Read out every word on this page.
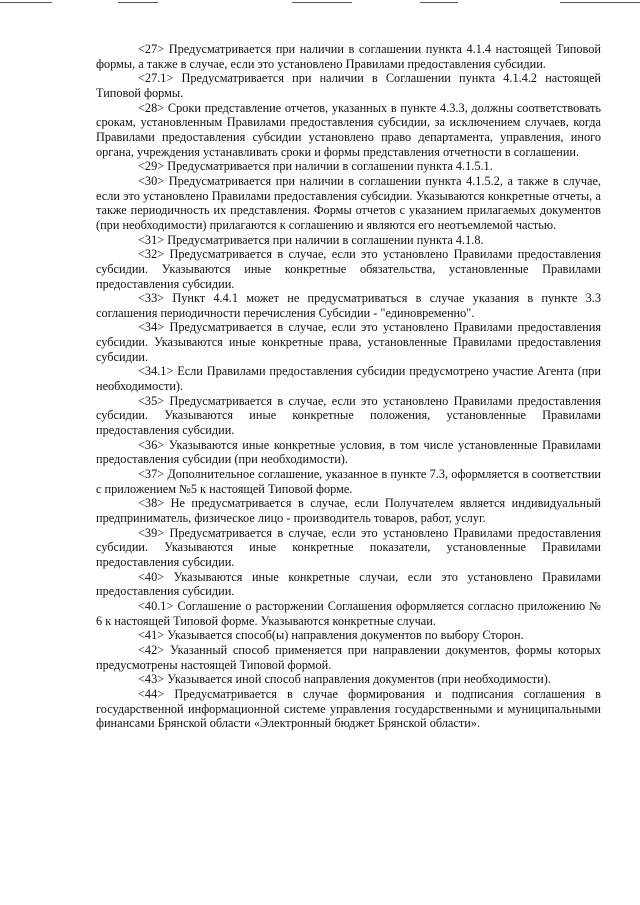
<27> Предусматривается при наличии в соглашении пункта 4.1.4 настоящей Типовой формы, а также в случае, если это установлено Правилами предоставления субсидии.

<27.1> Предусматривается при наличии в Соглашении пункта 4.1.4.2 настоящей Типовой формы.

<28> Сроки представление отчетов, указанных в пункте 4.3.3, должны соответствовать срокам, установленным Правилами предоставления субсидии, за исключением случаев, когда Правилами предоставления субсидии установлено право департамента, управления, иного органа, учреждения устанавливать сроки и формы представления отчетности в соглашении.

<29> Предусматривается при наличии в соглашении пункта 4.1.5.1.

<30> Предусматривается при наличии в соглашении пункта 4.1.5.2, а также в случае, если это установлено Правилами предоставления субсидии. Указываются конкретные отчеты, а также периодичность их представления. Формы отчетов с указанием прилагаемых документов (при необходимости) прилагаются к соглашению и являются его неотъемлемой частью.

<31> Предусматривается при наличии в соглашении пункта 4.1.8.

<32> Предусматривается в случае, если это установлено Правилами предоставления субсидии. Указываются иные конкретные обязательства, установленные Правилами предоставления субсидии.

<33> Пункт 4.4.1 может не предусматриваться в случае указания в пункте 3.3 соглашения периодичности перечисления Субсидии - "единовременно".

<34> Предусматривается в случае, если это установлено Правилами предоставления субсидии. Указываются иные конкретные права, установленные Правилами предоставления субсидии.

<34.1> Если Правилами предоставления субсидии предусмотрено участие Агента (при необходимости).

<35> Предусматривается в случае, если это установлено Правилами предоставления субсидии. Указываются иные конкретные положения, установленные Правилами предоставления субсидии.

<36> Указываются иные конкретные условия, в том числе установленные Правилами предоставления субсидии (при необходимости).

<37> Дополнительное соглашение, указанное в пункте 7.3, оформляется в соответствии с приложением №5 к настоящей Типовой форме.

<38> Не предусматривается в случае, если Получателем является индивидуальный предприниматель, физическое лицо - производитель товаров, работ, услуг.

<39> Предусматривается в случае, если это установлено Правилами предоставления субсидии. Указываются иные конкретные показатели, установленные Правилами предоставления субсидии.

<40> Указываются иные конкретные случаи, если это установлено Правилами предоставления субсидии.

<40.1> Соглашение о расторжении Соглашения оформляется согласно приложению № 6 к настоящей Типовой форме. Указываются конкретные случаи.

<41> Указывается способ(ы) направления документов по выбору Сторон.

<42> Указанный способ применяется при направлении документов, формы которых предусмотрены настоящей Типовой формой.

<43> Указывается иной способ направления документов (при необходимости).

<44> Предусматривается в случае формирования и подписания соглашения в государственной информационной системе управления государственными и муниципальными финансами Брянской области «Электронный бюджет Брянской области».
